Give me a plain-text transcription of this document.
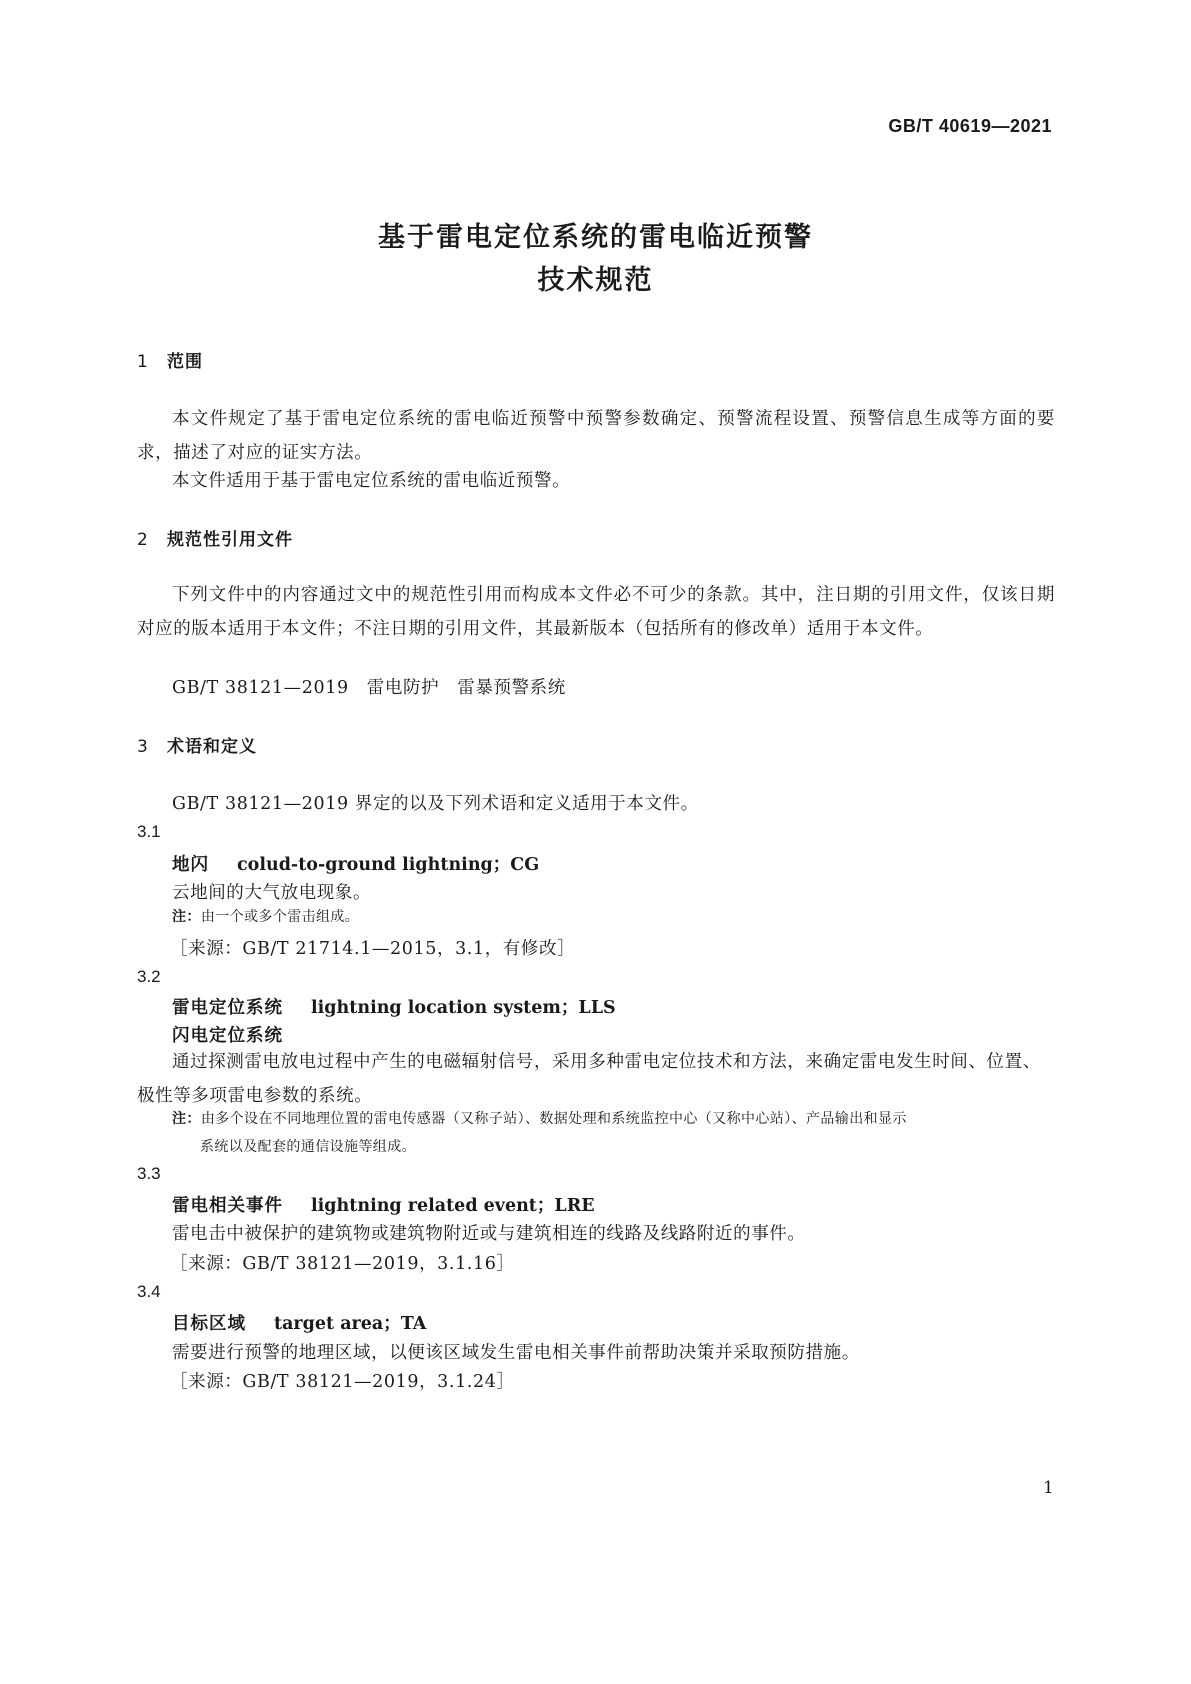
GB/T 40619—2021
基于雷电定位系统的雷电临近预警
技术规范
1 范围

本文件规定了基于雷电定位系统的雷电临近预警中预警参数确定、预警流程设置、预警信息生成等方面的要求，描述了对应的证实方法。

本文件适用于基于雷电定位系统的雷电临近预警。
2 规范性引用文件

下列文件中的内容通过文中的规范性引用而构成本文件必不可少的条款。其中，注日期的引用文件，仅该日期对应的版本适用于本文件；不注日期的引用文件，其最新版本（包括所有的修改单）适用于本文件。

GB/T 38121—2019　雷电防护　雷暴预警系统
3 术语和定义
GB/T 38121—2019 界定的以及下列术语和定义适用于本文件。
3.1
地闪 colud-to-ground lightning；CG
云地间的大气放电现象。
注：由一个或多个雷击组成。
［来源：GB/T 21714.1—2015，3.1，有修改］
3.2
雷电定位系统 lightning location system；LLS
闪电定位系统

通过探测雷电放电过程中产生的电磁辐射信号，采用多种雷电定位技术和方法，来确定雷电发生时间、位置、极性等多项雷电参数的系统。

注：由多个设在不同地理位置的雷电传感器（又称子站）、数据处理和系统监控中心（又称中心站）、产品输出和显示
系统以及配套的通信设施等组成。
3.3
雷电相关事件 lightning related event；LRE
雷电击中被保护的建筑物或建筑物附近或与建筑相连的线路及线路附近的事件。
［来源：GB/T 38121—2019，3.1.16］
3.4
目标区域 target area；TA
需要进行预警的地理区域，以便该区域发生雷电相关事件前帮助决策并采取预防措施。
［来源：GB/T 38121—2019，3.1.24］
1
